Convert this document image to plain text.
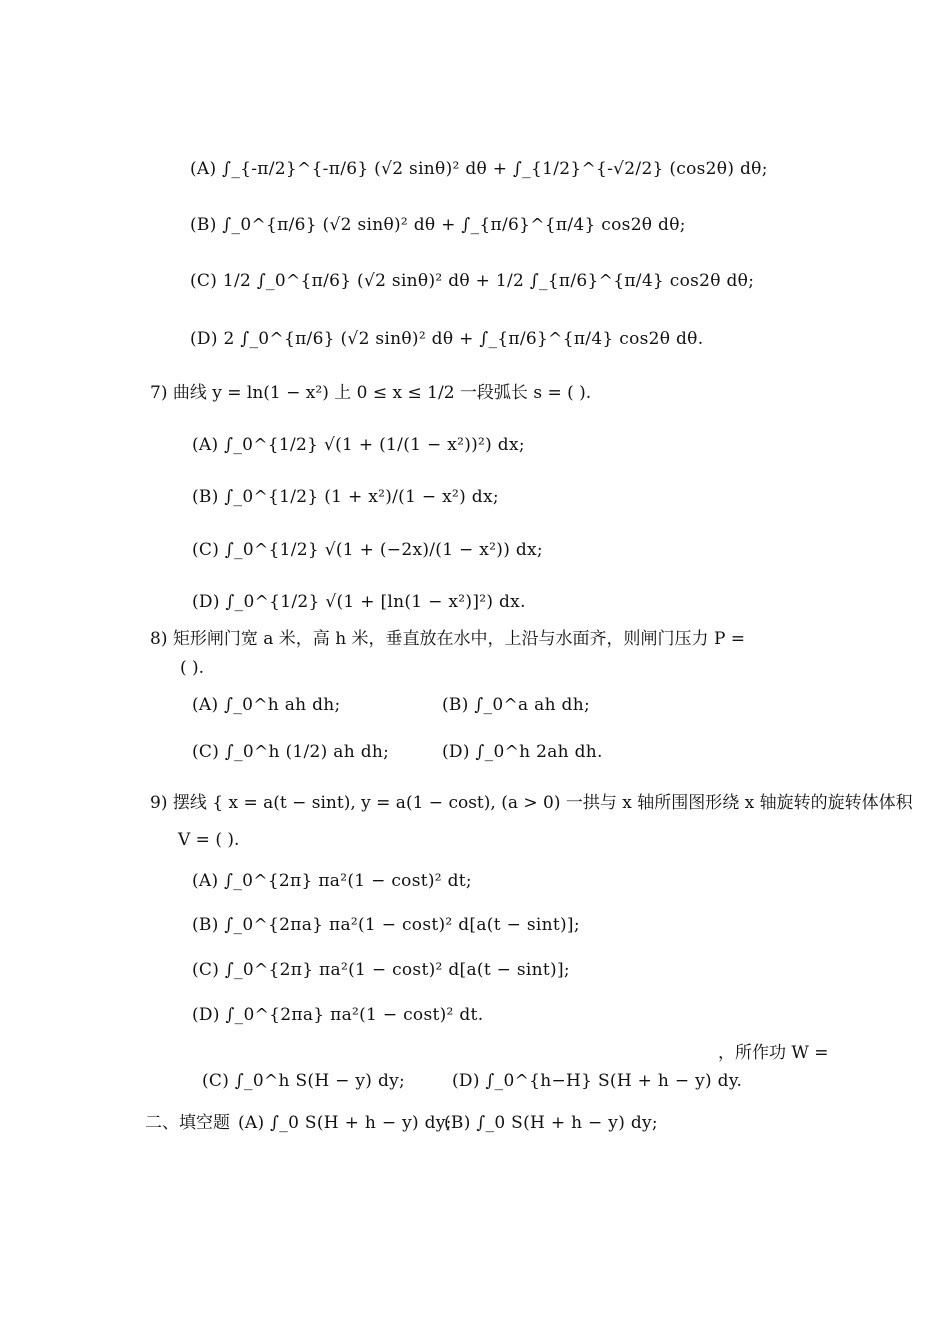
(A) ∫_{-π/2}^{-π/6} (√2 sinθ)² dθ + ∫_{1/2}^{-√2/2} (cos2θ) dθ;
(B) ∫_0^{π/6} (√2 sinθ)² dθ + ∫_{π/6}^{π/4} cos2θ dθ;
(C) 1/2 ∫_0^{π/6} (√2 sinθ)² dθ + 1/2 ∫_{π/6}^{π/4} cos2θ dθ;
(D) 2 ∫_0^{π/6} (√2 sinθ)² dθ + ∫_{π/6}^{π/4} cos2θ dθ.
7) 曲线 y = ln(1 − x²) 上 0 ≤ x ≤ 1/2 一段弧长 s = ( ).
(A) ∫_0^{1/2} √(1 + (1/(1 − x²))²) dx;
(B) ∫_0^{1/2} (1 + x²)/(1 − x²) dx;
(C) ∫_0^{1/2} √(1 + (−2x)/(1 − x²)) dx;
(D) ∫_0^{1/2} √(1 + [ln(1 − x²)]²) dx.
8) 矩形闸门宽 a 米，高 h 米，垂直放在水中，上沿与水面齐，则闸门压力 P =
( ).
(A) ∫_0^h ah dh;	(B) ∫_0^a ah dh;
(C) ∫_0^h (1/2) ah dh;	(D) ∫_0^h 2ah dh.
9) 摆线 { x = a(t − sint), y = a(1 − cost), (a > 0) 一拱与 x 轴所围图形绕 x 轴旋转的旋转体体积
V = ( ).
(A) ∫_0^{2π} πa²(1 − cost)² dt;
(B) ∫_0^{2πa} πa²(1 − cost)² d[a(t − sint)];
(C) ∫_0^{2π} πa²(1 − cost)² d[a(t − sint)];
(D) ∫_0^{2πa} πa²(1 − cost)² dt.
，所作功 W =
(C) ∫_0^h S(H − y) dy;	(D) ∫_0^{h−H} S(H + h − y) dy.
二、填空题 (A) ∫_0 S(H + h − y) dy;
(B) ∫_0 S(H + h − y) dy;
